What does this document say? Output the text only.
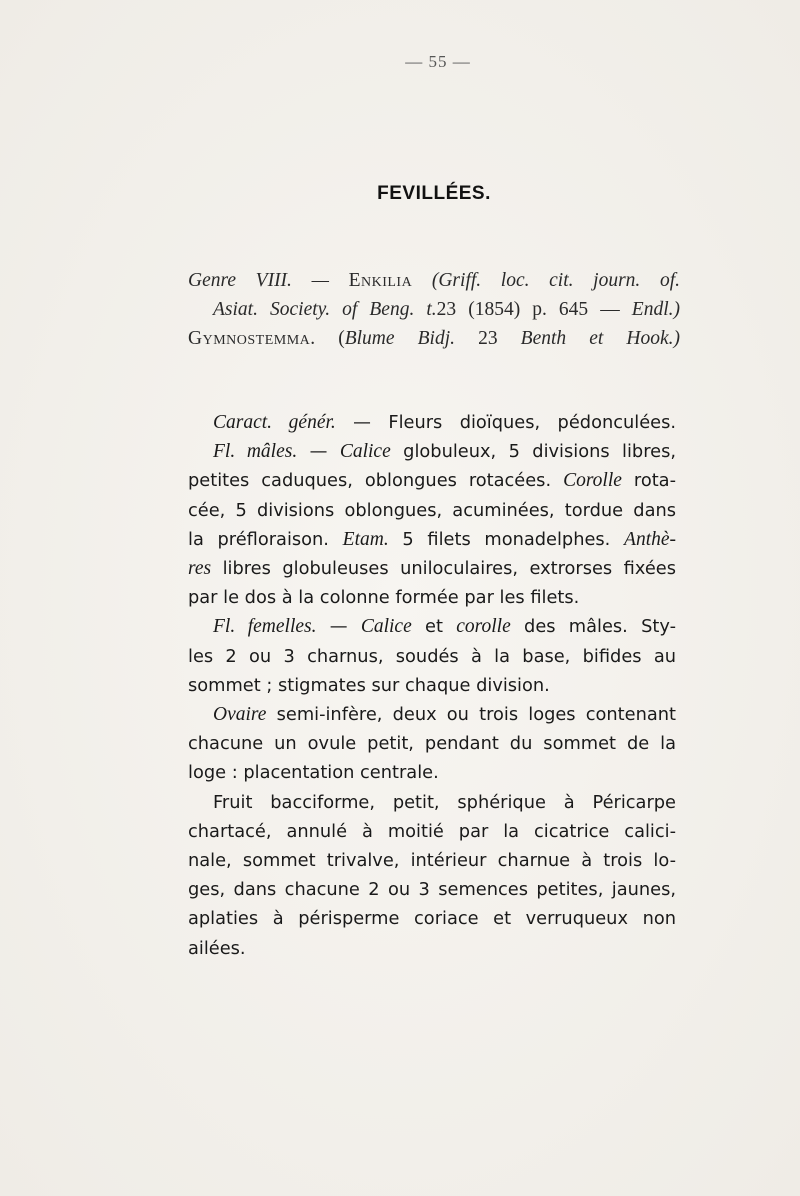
— 55 —
FEVILLÉES.
Genre VIII. — Enkilia (Griff. loc. cit. journ. of.
Asiat. Society. of Beng. t.23 (1854) p. 645 — Endl.)
Gymnostemma. (Blume Bidj. 23 Benth et Hook.)
Caract. génér. — Fleurs dioïques, pédonculées.
Fl. mâles. — Calice globuleux, 5 divisions libres,
petites caduques, oblongues rotacées. Corolle rota-
cée, 5 divisions oblongues, acuminées, tordue dans
la préfloraison. Etam. 5 filets monadelphes. Anthè-
res libres globuleuses uniloculaires, extrorses fixées
par le dos à la colonne formée par les filets.
Fl. femelles. — Calice et corolle des mâles. Sty-
les 2 ou 3 charnus, soudés à la base, bifides au
sommet ; stigmates sur chaque division.
Ovaire semi-infère, deux ou trois loges contenant
chacune un ovule petit, pendant du sommet de la
loge : placentation centrale.
Fruit bacciforme, petit, sphérique à Péricarpe
chartacé, annulé à moitié par la cicatrice calici-
nale, sommet trivalve, intérieur charnue à trois lo-
ges, dans chacune 2 ou 3 semences petites, jaunes,
aplaties à périsperme coriace et verruqueux non
ailées.
